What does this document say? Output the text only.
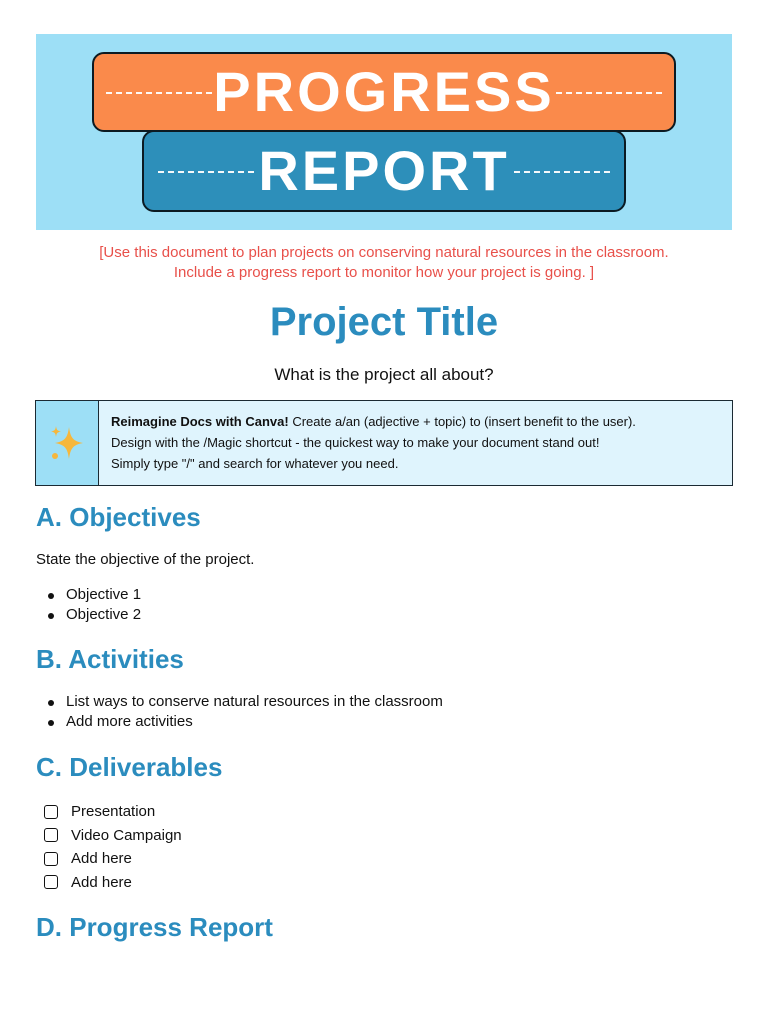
PROGRESS
REPORT
[Use this document to plan projects on conserving natural resources in the classroom.
Include a progress report to monitor how your project is going. ]
Project Title
What is the project all about?
Reimagine Docs with Canva! Create a/an (adjective + topic) to (insert benefit to the user).
Design with the /Magic shortcut - the quickest way to make your document stand out!
Simply type "/" and search for whatever you need.
A. Objectives
State the objective of the project.
Objective 1
Objective 2
B. Activities
List ways to conserve natural resources in the classroom
Add more activities
C. Deliverables
Presentation
Video Campaign
Add here
Add here
D. Progress Report
